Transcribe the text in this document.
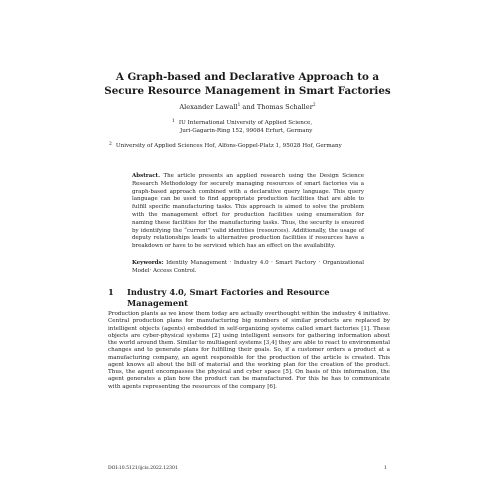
A Graph-based and Declarative Approach to a
Secure Resource Management in Smart Factories
Alexander Lawall$^1$ and Thomas Schaller$^2$
$^1$ IU International University of Applied Science,
Juri-Gagarin-Ring 152, 99084 Erfurt, Germany
$^2$ University of Applied Sciences Hof, Alfons-Goppel-Platz 1, 95028 Hof, Germany
Abstract. The article presents an applied research using the Design Science Research Methodology for securely managing resources of smart factories via a graph-based approach combined with a declarative query language. This query language can be used to find appropriate production facilities that are able to fulfill specific manufacturing tasks. This approach is aimed to solve the problem with the management effort for production facilities using enumeration for naming these facilities for the manufacturing tasks. Thus, the security is ensured by identifying the “current” valid identities (resources). Additionally, the usage of deputy relationships leads to alternative production facilities if resources have a breakdown or have to be serviced which has an effect on the availability.
Keywords: Identity Management · Industry 4.0 · Smart Factory · Organizational Model· Access Control.
1 Industry 4.0, Smart Factories and Resource Management
Production plants as we know them today are actually overthought within the industry 4 initiative. Central production plans for manufacturing big numbers of similar products are replaced by intelligent objects (agents) embedded in self-organizing systems called smart factories [1]. These objects are cyber-physical systems [2] using intelligent sensors for gathering information about the world around them. Similar to multiagent systems [3,4] they are able to react to environmental changes and to generate plans for fulfilling their goals. So, if a customer orders a product at a manufacturing company, an agent responsible for the production of the article is created. This agent knows all about the bill of material and the working plan for the creation of the product. Thus, the agent encompasses the physical and cyber space [5]. On basis of this information, the agent generates a plan how the product can be manufactured. For this he has to communicate with agents representing the resources of the company [6].
DOI:10.5121/ijcis.2022.12301	1
